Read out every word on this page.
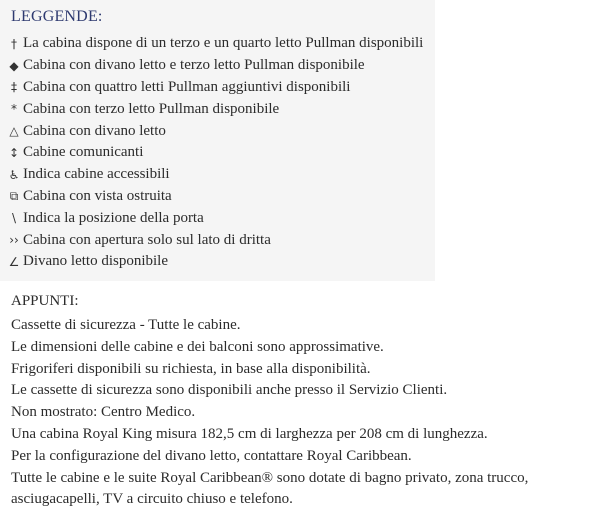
LEGGENDE:
† La cabina dispone di un terzo e un quarto letto Pullman disponibili
◆ Cabina con divano letto e terzo letto Pullman disponibile
‡ Cabina con quattro letti Pullman aggiuntivi disponibili
* Cabina con terzo letto Pullman disponibile
△ Cabina con divano letto
↕ Cabine comunicanti
♿ Indica cabine accessibili
⧉ Cabina con vista ostruita
\ Indica la posizione della porta
›› Cabina con apertura solo sul lato di dritta
∠ Divano letto disponibile
APPUNTI:
Cassette di sicurezza - Tutte le cabine.
Le dimensioni delle cabine e dei balconi sono approssimative.
Frigoriferi disponibili su richiesta, in base alla disponibilità.
Le cassette di sicurezza sono disponibili anche presso il Servizio Clienti.
Non mostrato: Centro Medico.
Una cabina Royal King misura 182,5 cm di larghezza per 208 cm di lunghezza.
Per la configurazione del divano letto, contattare Royal Caribbean.
Tutte le cabine e le suite Royal Caribbean® sono dotate di bagno privato, zona trucco,
asciugacapelli, TV a circuito chiuso e telefono.
